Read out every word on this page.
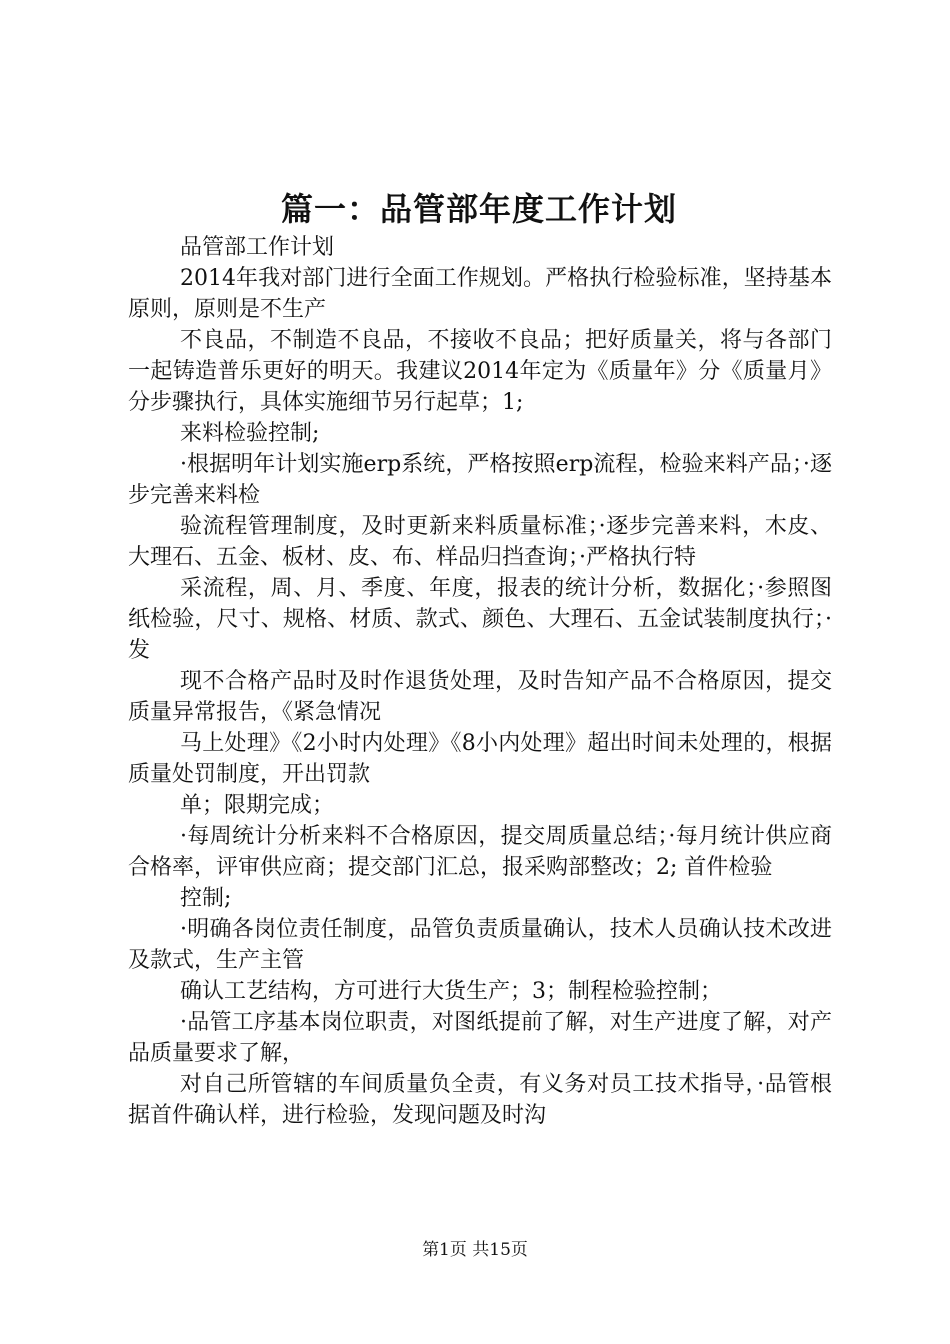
篇一：品管部年度工作计划

品管部工作计划

2014年我对部门进行全面工作规划。严格执行检验标准，坚持基本原则，原则是不生产

不良品，不制造不良品，不接收不良品；把好质量关，将与各部门一起铸造普乐更好的明天。我建议2014年定为《质量年》分《质量月》分步骤执行，具体实施细节另行起草；1;

来料检验控制;

·根据明年计划实施erp系统，严格按照erp流程，检验来料产品；·逐步完善来料检

验流程管理制度，及时更新来料质量标准；·逐步完善来料，木皮、大理石、五金、板材、皮、布、样品归挡查询；·严格执行特

采流程，周、月、季度、年度，报表的统计分析，数据化；·参照图纸检验，尺寸、规格、材质、款式、颜色、大理石、五金试装制度执行；·发

现不合格产品时及时作退货处理，及时告知产品不合格原因，提交质量异常报告，《紧急情况

马上处理》《2小时内处理》《8小内处理》超出时间未处理的，根据质量处罚制度，开出罚款

单；限期完成；

·每周统计分析来料不合格原因，提交周质量总结；·每月统计供应商合格率，评审供应商；提交部门汇总，报采购部整改；2; 首件检验

控制;

·明确各岗位责任制度，品管负责质量确认，技术人员确认技术改进及款式，生产主管

确认工艺结构，方可进行大货生产；3；制程检验控制；

·品管工序基本岗位职责，对图纸提前了解，对生产进度了解，对产品质量要求了解，

对自己所管辖的车间质量负全责，有义务对员工技术指导，·品管根据首件确认样，进行检验，发现问题及时沟

第1页 共15页
